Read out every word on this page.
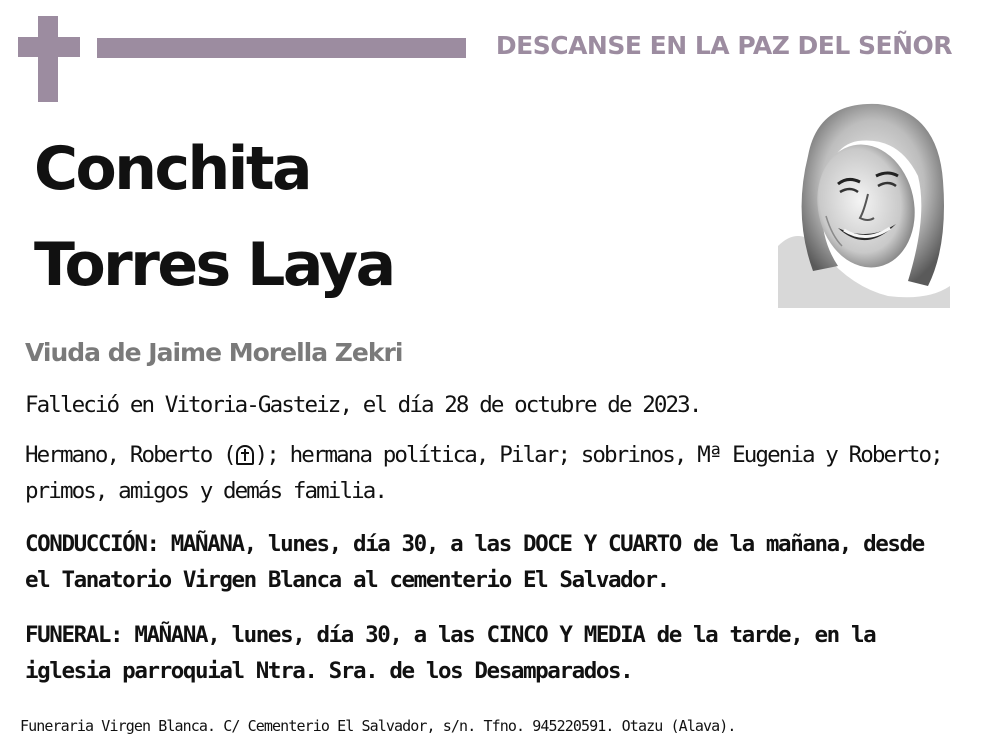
DESCANSE EN LA PAZ DEL SEÑOR
Conchita
Torres Laya
Viuda de Jaime Morella Zekri
Falleció en Vitoria-Gasteiz, el día 28 de octubre de 2023.
Hermano, Roberto ( ); hermana política, Pilar; sobrinos, Mª Eugenia y Roberto; primos, amigos y demás familia.
CONDUCCIÓN: MAÑANA, lunes, día 30, a las DOCE Y CUARTO de la mañana, desde el Tanatorio Virgen Blanca al cementerio El Salvador.
FUNERAL: MAÑANA, lunes, día 30, a las CINCO Y MEDIA de la tarde, en la iglesia parroquial Ntra. Sra. de los Desamparados.
Funeraria Virgen Blanca. C/ Cementerio El Salvador, s/n. Tfno. 945220591. Otazu (Alava).
